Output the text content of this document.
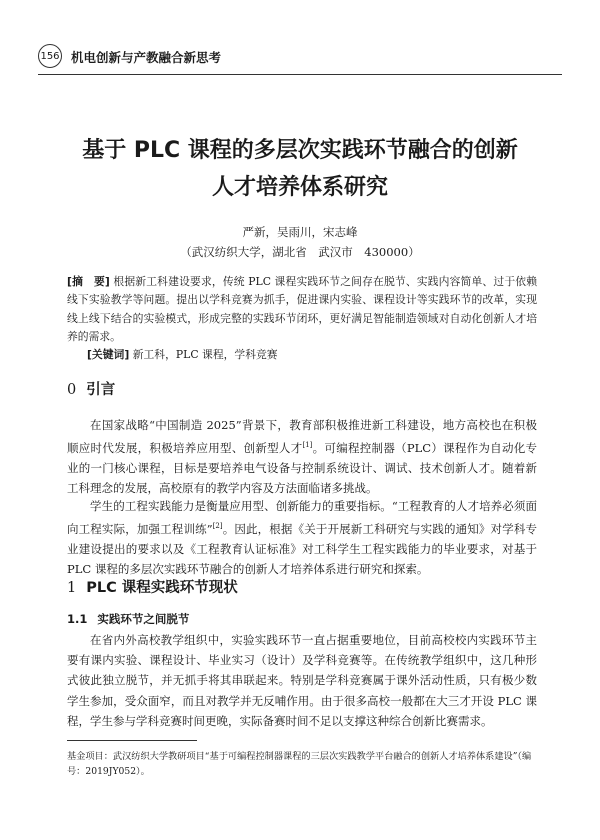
156 机电创新与产教融合新思考
基于 PLC 课程的多层次实践环节融合的创新
人才培养体系研究
严新，吴雨川，宋志峰
（武汉纺织大学，湖北省　武汉市　430000）

[摘　要] 根据新工科建设要求，传统 PLC 课程实践环节之间存在脱节、实践内容简单、过于依赖线下实验教学等问题。提出以学科竞赛为抓手，促进课内实验、课程设计等实践环节的改革，实现线上线下结合的实验模式，形成完整的实践环节闭环，更好满足智能制造领域对自动化创新人才培养的需求。

[关键词] 新工科，PLC 课程，学科竞赛
0 引言

在国家战略“中国制造 2025”背景下，教育部积极推进新工科建设，地方高校也在积极顺应时代发展，积极培养应用型、创新型人才[1]。可编程控制器（PLC）课程作为自动化专业的一门核心课程，目标是要培养电气设备与控制系统设计、调试、技术创新人才。随着新工科理念的发展，高校原有的教学内容及方法面临诸多挑战。

学生的工程实践能力是衡量应用型、创新能力的重要指标。“工程教育的人才培养必须面向工程实际，加强工程训练”[2]。因此，根据《关于开展新工科研究与实践的通知》对学科专业建设提出的要求以及《工程教育认证标准》对工科学生工程实践能力的毕业要求，对基于 PLC 课程的多层次实践环节融合的创新人才培养体系进行研究和探索。

1 PLC 课程实践环节现状
1.1 实践环节之间脱节

在省内外高校教学组织中，实验实践环节一直占据重要地位，目前高校校内实践环节主要有课内实验、课程设计、毕业实习（设计）及学科竞赛等。在传统教学组织中，这几种形式彼此独立脱节，并无抓手将其串联起来。特别是学科竞赛属于课外活动性质，只有极少数学生参加，受众面窄，而且对教学并无反哺作用。由于很多高校一般都在大三才开设 PLC 课程，学生参与学科竞赛时间更晚，实际备赛时间不足以支撑这种综合创新比赛需求。

基金项目：武汉纺织大学教研项目“基于可编程控制器课程的三层次实践教学平台融合的创新人才培养体系建设”（编号：2019JY052）。
